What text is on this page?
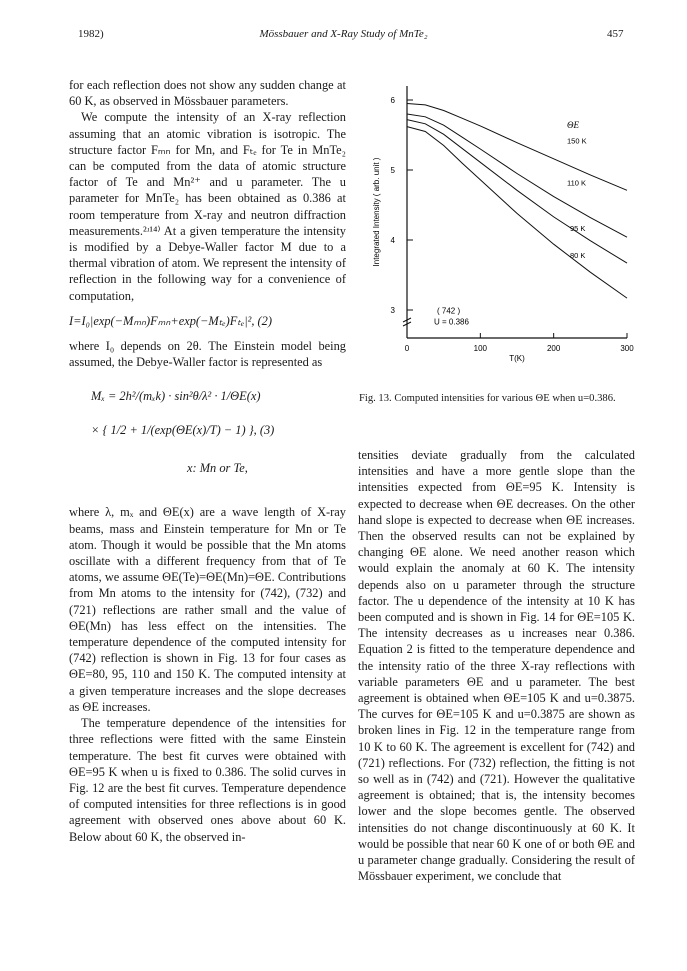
1982)	Mössbauer and X-Ray Study of MnTe₂	457

for each reflection does not show any sudden change at 60 K, as observed in Mössbauer parameters.

We compute the intensity of an X-ray reflection assuming that an atomic vibration is isotropic. The structure factor Fₘₙ for Mn, and Fₜₑ for Te in MnTe₂ can be computed from the data of atomic structure factor of Te and Mn²⁺ and u parameter. The u parameter for MnTe₂ has been obtained as 0.386 at room temperature from X-ray and neutron diffraction measurements.²ʴ¹⁴⁾ At a given temperature the intensity is modified by a Debye-Waller factor M due to a thermal vibration of atom. We represent the intensity of reflection in the following way for a convenience of computation,

I=I₀|exp(−Mₘₙ)Fₘₙ+exp(−Mₜₑ)Fₜₑ|², (2)

where I₀ depends on 2θ. The Einstein model being assumed, the Debye-Waller factor is represented as

Mₓ = 2h²/(mₓk) · sin²θ/λ² · 1/ΘΕ(x)
× { 1/2 + 1/(exp(ΘΕ(x)/T) − 1) }, (3)
x: Mn or Te,

where λ, mₓ and ΘΕ(x) are a wave length of X-ray beams, mass and Einstein temperature for Mn or Te atom. Though it would be possible that the Mn atoms oscillate with a different frequency from that of Te atoms, we assume ΘΕ(Te)=ΘΕ(Mn)=ΘΕ. Contributions from Mn atoms to the intensity for (742), (732) and (721) reflections are rather small and the value of ΘΕ(Mn) has less effect on the intensities. The temperature dependence of the computed intensity for (742) reflection is shown in Fig. 13 for four cases as ΘΕ=80, 95, 110 and 150 K. The computed intensity at a given temperature increases and the slope decreases as ΘΕ increases.

The temperature dependence of the intensities for three reflections were fitted with the same Einstein temperature. The best fit curves were obtained with ΘΕ=95 K when u is fixed to 0.386. The solid curves in Fig. 12 are the best fit curves. Temperature dependence of computed intensities for three reflections is in good agreement with observed ones above about 60 K. Below about 60 K, the observed in-

3
4
5
6
0	100	200	300
T(K)
Integrated Intensity ( arb. unit )
150 K
110 K
95 K
80 K
ΘE
( 742 )
U = 0.386
Fig. 13. Computed intensities for various ΘΕ when u=0.386.

tensities deviate gradually from the calculated intensities and have a more gentle slope than the intensities expected from ΘΕ=95 K. Intensity is expected to decrease when ΘΕ decreases. On the other hand slope is expected to decrease when ΘΕ increases. Then the observed results can not be explained by changing ΘΕ alone. We need another reason which would explain the anomaly at 60 K. The intensity depends also on u parameter through the structure factor. The u dependence of the intensity at 10 K has been computed and is shown in Fig. 14 for ΘΕ=105 K. The intensity decreases as u increases near 0.386. Equation 2 is fitted to the temperature dependence and the intensity ratio of the three X-ray reflections with variable parameters ΘΕ and u parameter. The best agreement is obtained when ΘΕ=105 K and u=0.3875. The curves for ΘΕ=105 K and u=0.3875 are shown as broken lines in Fig. 12 in the temperature range from 10 K to 60 K. The agreement is excellent for (742) and (721) reflections. For (732) reflection, the fitting is not so well as in (742) and (721). However the qualitative agreement is obtained; that is, the intensity becomes lower and the slope becomes gentle. The observed intensities do not change discontinuously at 60 K. It would be possible that near 60 K one of or both ΘΕ and u parameter change gradually. Considering the result of Mössbauer experiment, we conclude that
